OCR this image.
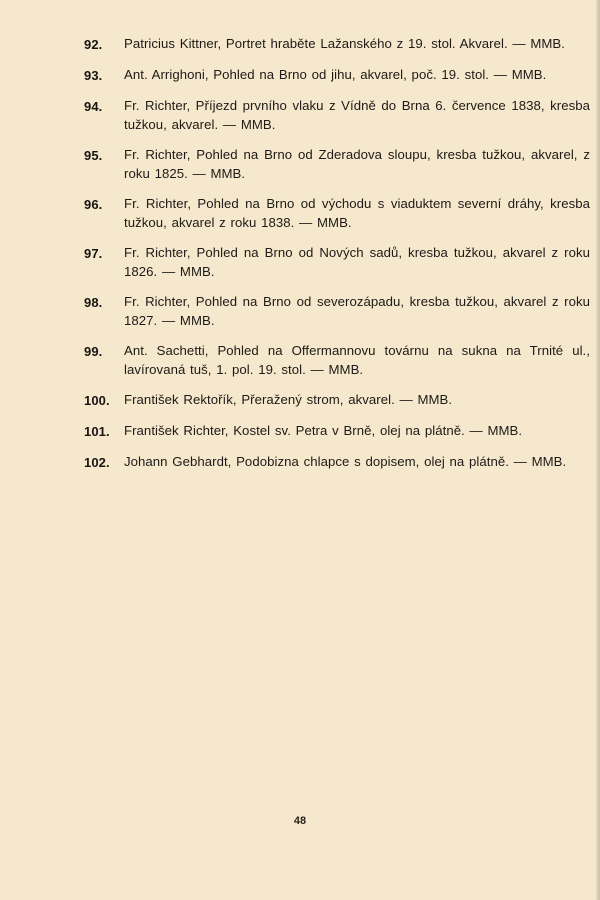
92.	Patricius Kittner, Portret hraběte Lažanského z 19. stol. Akvarel. — MMB.
93.	Ant. Arrighoni, Pohled na Brno od jihu, akvarel, poč. 19. stol. — MMB.
94.	Fr. Richter, Příjezd prvního vlaku z Vídně do Brna 6. července 1838, kresba tužkou, akvarel. — MMB.
95.	Fr. Richter, Pohled na Brno od Zderadova sloupu, kresba tužkou, akvarel, z roku 1825. — MMB.
96.	Fr. Richter, Pohled na Brno od východu s viaduktem severní dráhy, kresba tužkou, akvarel z roku 1838. — MMB.
97.	Fr. Richter, Pohled na Brno od Nových sadů, kresba tužkou, akvarel z roku 1826. — MMB.
98.	Fr. Richter, Pohled na Brno od severozápadu, kresba tužkou, akvarel z roku 1827. — MMB.
99.	Ant. Sachetti, Pohled na Offermannovu továrnu na sukna na Trnité ul., lavírovaná tuš, 1. pol. 19. stol. — MMB.
100.	František Rektořík, Přeražený strom, akvarel. — MMB.
101.	František Richter, Kostel sv. Petra v Brně, olej na plátně. — MMB.
102.	Johann Gebhardt, Podobizna chlapce s dopisem, olej na plátně. — MMB.
48
